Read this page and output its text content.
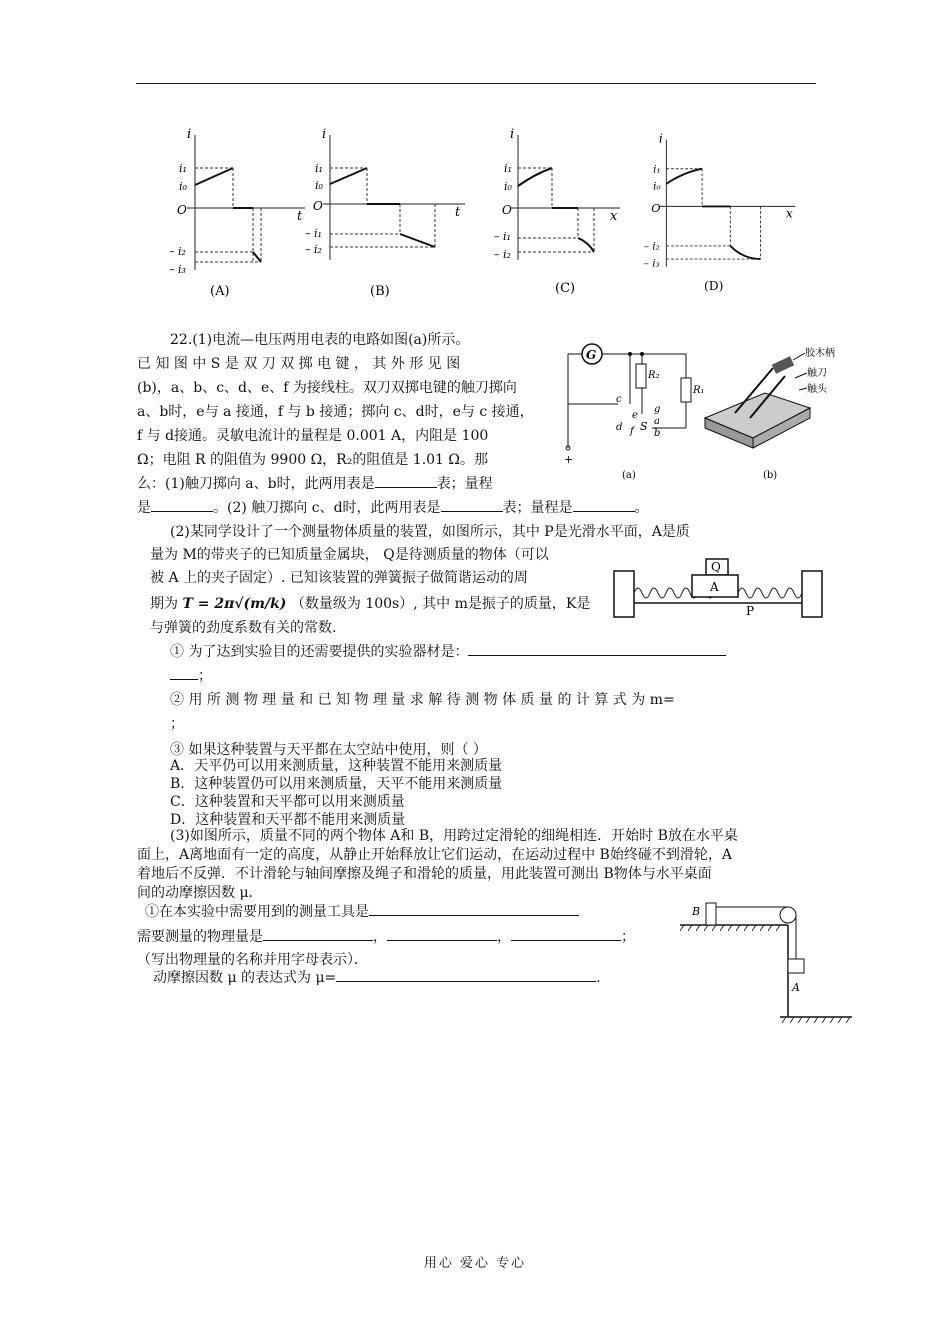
i
t
i₁
i₀
O
– i₂
– i₃
(A)
i
t
i₁
i₀
O
– i₁
– i₂
(B)
i
x
i₁
i₀
O
– i₁
– i₂
(C)
i
x
i₁
i₀
O
– i₂
– i₃
(D)
22.(1)电流—电压两用电表的电路如图(a)所示。
已 知 图 中 S 是 双 刀 双 掷 电 键 ， 其 外 形 见 图
(b)，a、b、c、d、e、f 为接线柱。双刀双掷电键的触刀掷向
a、b时，e与 a 接通，f 与 b 接通；掷向 c、d时，e与 c 接通，
f 与 d接通。灵敏电流计的量程是 0.001 A，内阻是 100
Ω；电阻 R 的阻值为 9900 Ω，R₂的阻值是 1.01 Ω。那
么：(1)触刀掷向 a、b时，此两用表是	表；量程
是	。(2) 触刀掷向 c、d时，此两用表是	表；量程是	。
G
R₂
R₁
c
e
d f S a
b
g
+
(a)
胶木柄
触刀
触头
(b)
(2)某同学设计了一个测量物体质量的装置，如图所示，其中 P是光滑水平面，A是质
量为 M的带夹子的已知质量金属块， Q是待测质量的物体（可以
被 A 上的夹子固定）. 已知该装置的弹簧振子做简谐运动的周
期为 T = 2π√(m/k) （数量级为 100s）, 其中 m是振子的质量，K是
与弹簧的劲度系数有关的常数.
① 为了达到实验目的还需要提供的实验器材是：
；
② 用 所 测 物 理 量 和 已 知 物 理 量 求 解 待 测 物 体 质 量 的 计 算 式 为 m=
；
③ 如果这种装置与天平都在太空站中使用，则（ ）
A．天平仍可以用来测质量，这种装置不能用来测质量
B．这种装置仍可以用来测质量，天平不能用来测质量
C．这种装置和天平都可以用来测质量
D．这种装置和天平都不能用来测质量
Q
A
P
(3)如图所示，质量不同的两个物体 A和 B，用跨过定滑轮的细绳相连．开始时 B放在水平桌
面上，A离地面有一定的高度，从静止开始释放让它们运动，在运动过程中 B始终碰不到滑轮，A
着地后不反弹．不计滑轮与轴间摩擦及绳子和滑轮的质量，用此装置可测出 B物体与水平桌面
间的动摩擦因数 μ．
①在本实验中需要用到的测量工具是
需要测量的物理量是	，	，	；
（写出物理量的名称并用字母表示）．
动摩擦因数 μ 的表达式为 μ=	．
B
A
用心 爱心 专心
